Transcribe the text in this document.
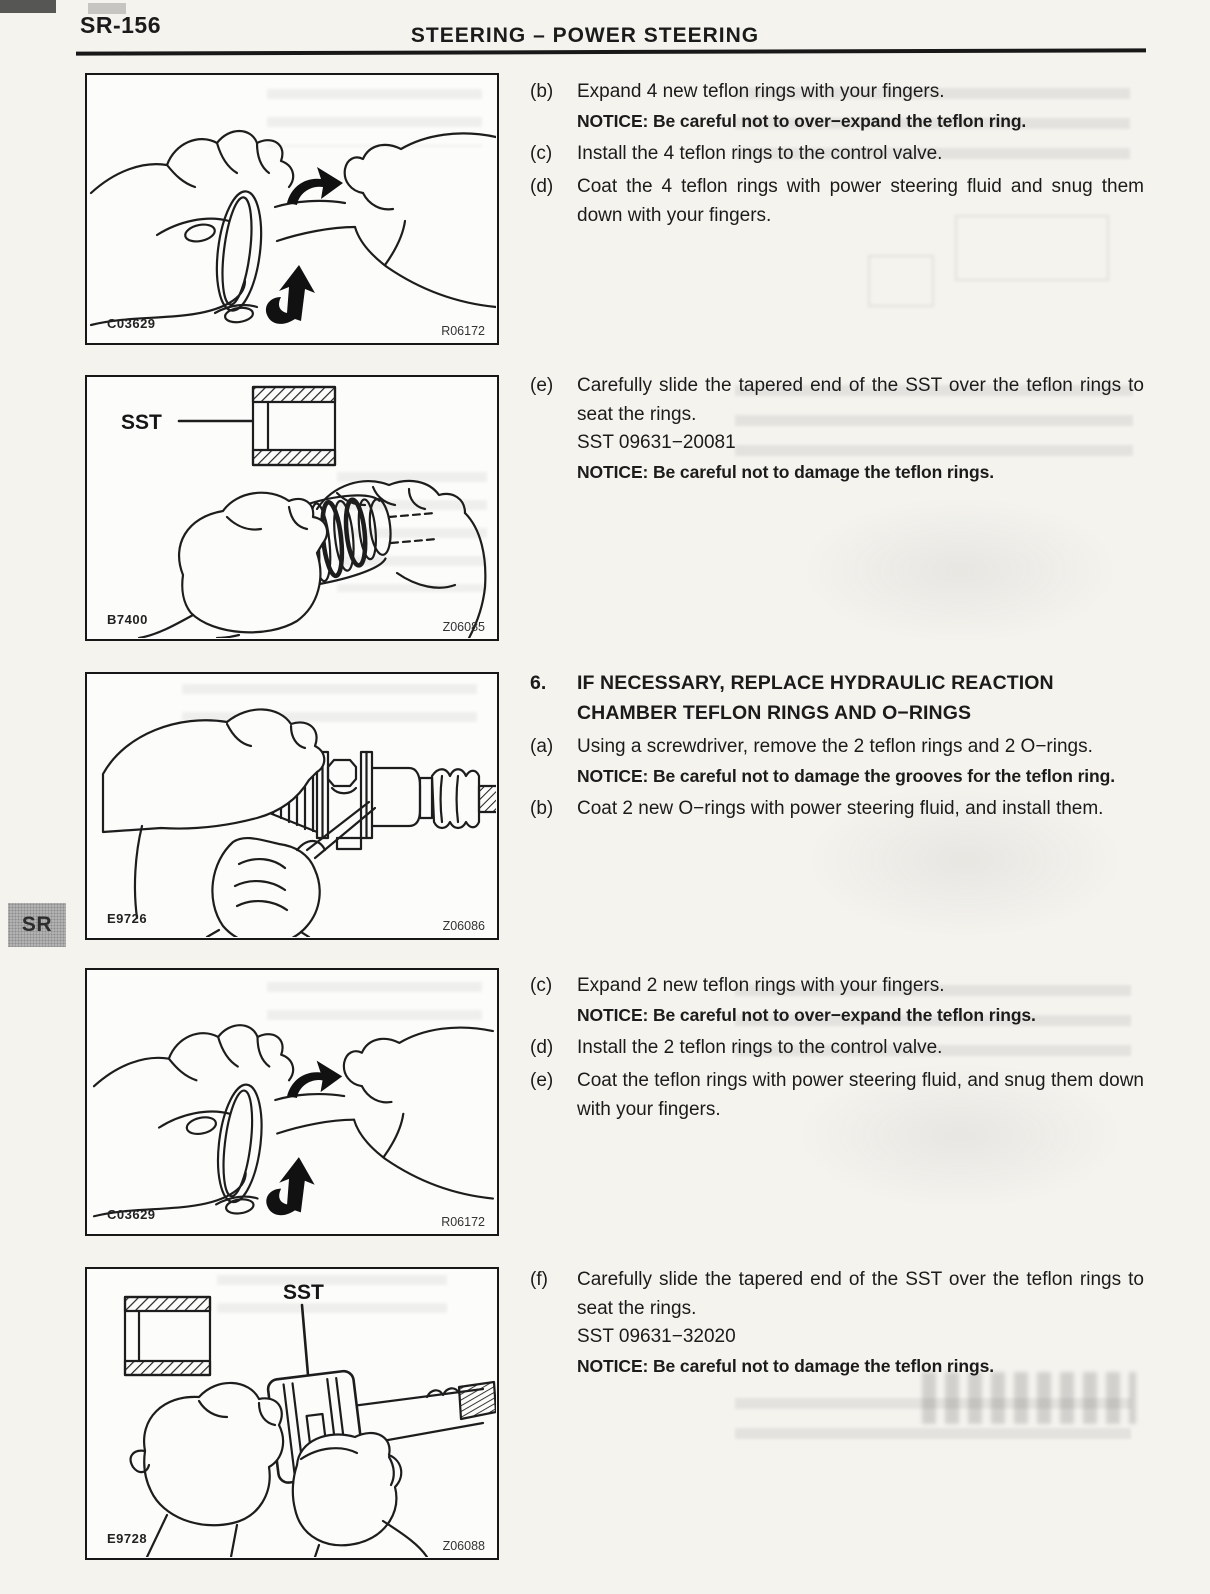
SR-156	STEERING – POWER STEERING
SR
C03629	R06172
SST
B7400	Z06085
E9726	Z06086
C03629	R06172
SST
E9728	Z06088
(b)	Expand 4 new teflon rings with your fingers.
NOTICE: Be careful not to over−expand the teflon ring.
(c)	Install the 4 teflon rings to the control valve.
(d)	Coat the 4 teflon rings with power steering fluid and snug them down with your fingers.
(e)	Carefully slide the tapered end of the SST over the teflon rings to seat the rings.
SST 09631−20081
NOTICE: Be careful not to damage the teflon rings.
6.	IF NECESSARY, REPLACE HYDRAULIC REACTION CHAMBER TEFLON RINGS AND O−RINGS
(a)	Using a screwdriver, remove the 2 teflon rings and 2 O−rings.
NOTICE: Be careful not to damage the grooves for the teflon ring.
(b)	Coat 2 new O−rings with power steering fluid, and install them.
(c)	Expand 2 new teflon rings with your fingers.
NOTICE: Be careful not to over−expand the teflon rings.
(d)	Install the 2 teflon rings to the control valve.
(e)	Coat the teflon rings with power steering fluid, and snug them down with your fingers.
(f)	Carefully slide the tapered end of the SST over the teflon rings to seat the rings.
SST 09631−32020
NOTICE: Be careful not to damage the teflon rings.
